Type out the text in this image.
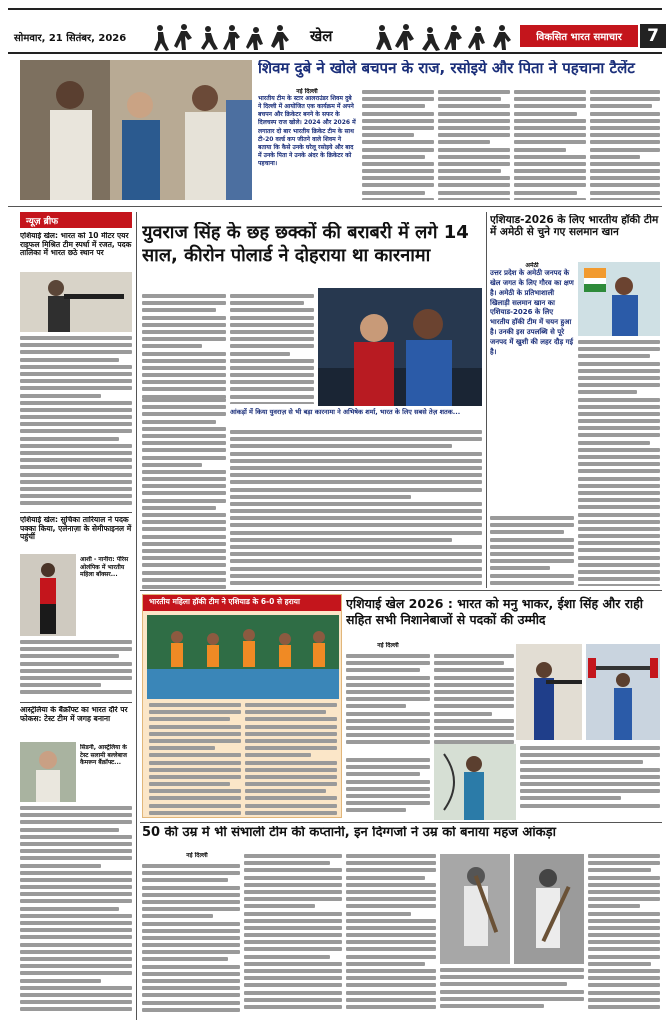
सोमवार, 21 सितंबर, 2026	खेल	विकसित भारत समाचार	7
शिवम दुबे ने खोले बचपन के राज, रसोइये और पिता ने पहचाना टैलेंट
नई दिल्ली
भारतीय टीम के स्टार आलराउंडर शिवम दुबे ने दिल्ली में आयोजित एक कार्यक्रम में अपने बचपन और क्रिकेटर बनने के सफर के दिलचस्प राज खोले। 2024 और 2026 में लगातार दो बार भारतीय क्रिकेट टीम के साथ टी-20 वर्ल्ड कप जीतने वाले शिवम ने बताया कि कैसे उनके घरेलू रसोइये और बाद में उनके पिता ने उनके अंदर के क्रिकेटर को पहचाना।
न्यूज़ ब्रीफ
एशियाई खेल: भारत को 10 मीटर एयर राइफल मिश्रित टीम स्पर्धा में रजत, पदक तालिका में भारत छठे स्थान पर
एशियाई खेल: सुचिका तारियाल ने पदक पक्का किया, एलेनाज़ा के सेमीफाइनल में पहुंचीं
आशी - नानीरा: पेरिस ओलंपिक में भारतीय महिला बॉक्सर...
आस्ट्रेलिया के बैंक्रॉफ्ट का भारत दौरे पर फोकस: टेस्ट टीम में जगह बनाना
सिडनी, आस्ट्रेलिया के टेस्ट सलामी बल्लेबाज कैमरून बैंक्रॉफ्ट...
युवराज सिंह के छह छक्कों की बराबरी में लगे 14 साल, कीरोन पोलार्ड ने दोहराया था कारनामा
आंकड़ों में किया युवराज़ से भी बड़ा कारनामा ने अभिषेक शर्मा, भारत के लिए सबसे तेज़ शतक...
एशियाड-2026 के लिए भारतीय हॉकी टीम में अमेठी से चुने गए सलमान खान
अमेठी
उत्तर प्रदेश के अमेठी जनपद के खेल जगत के लिए गौरव का क्षण है। अमेठी के प्रतिभाशाली खिलाड़ी सलमान खान का एशियाड-2026 के लिए भारतीय हॉकी टीम में चयन हुआ है। उनकी इस उपलब्धि से पूरे जनपद में खुशी की लहर दौड़ गई है।
भारतीय महिला हॉकी टीम ने एशियाड के 6-0 से हराया	एशियाई खेल 2026 : भारत को मनु भाकर, ईशा सिंह और राही सहित सभी निशानेबाजों से पदकों की उम्मीद
नई दिल्ली
50 की उम्र में भी संभाली टीम की कप्तानी, इन दिग्गजों ने उम्र को बनाया महज आंकड़ा
नई दिल्ली
